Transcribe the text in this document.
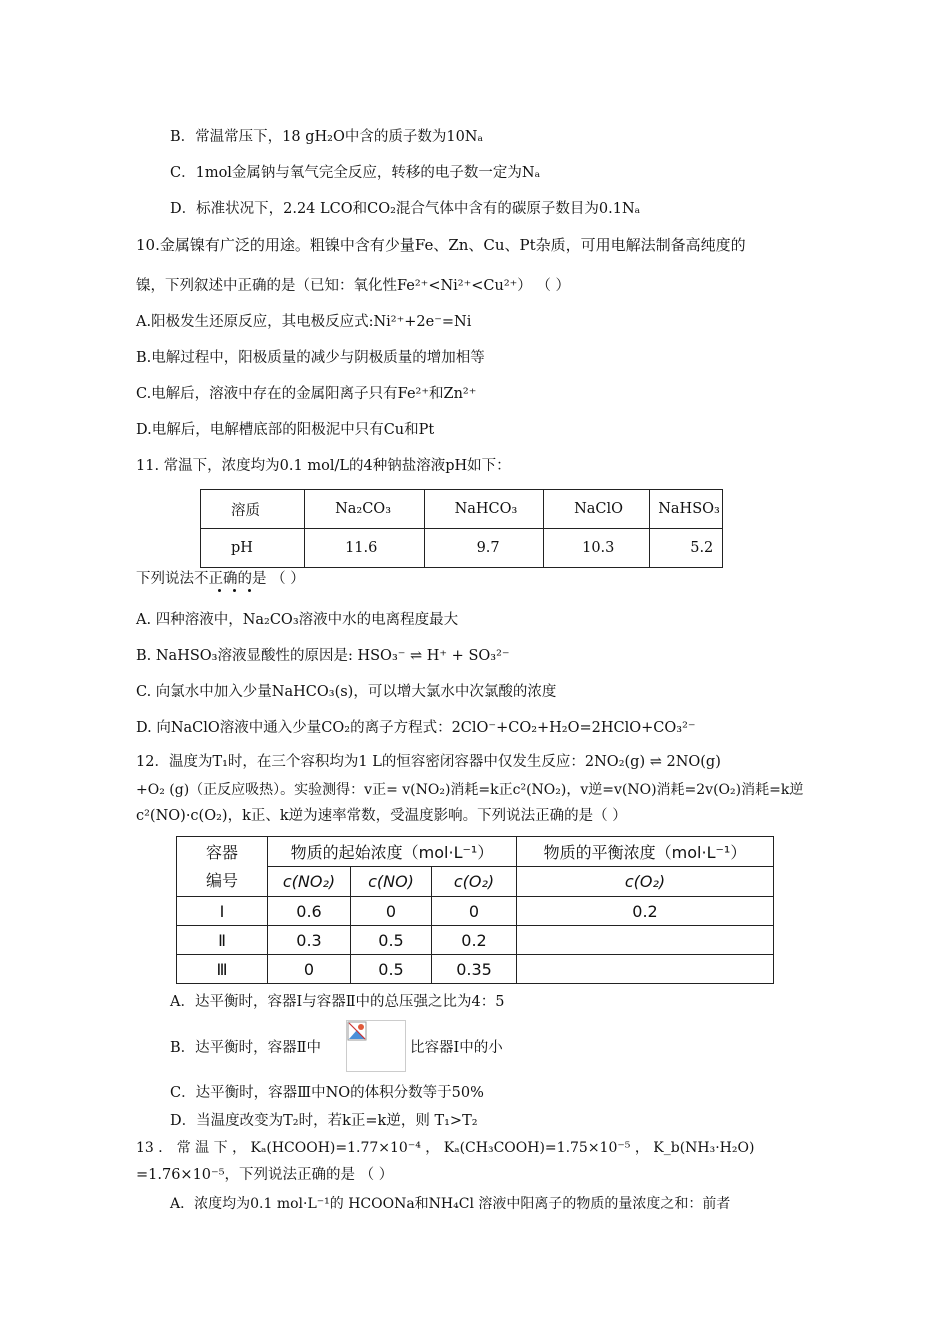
B．常温常压下，18 gH₂O中含的质子数为10Nₐ
C．1mol金属钠与氧气完全反应，转移的电子数一定为Nₐ
D．标准状况下，2.24 LCO和CO₂混合气体中含有的碳原子数目为0.1Nₐ
10.金属镍有广泛的用途。粗镍中含有少量Fe、Zn、Cu、Pt杂质，可用电解法制备高纯度的
镍，下列叙述中正确的是（已知：氧化性Fe²⁺<Ni²⁺<Cu²⁺） （ ）
A.阳极发生还原反应，其电极反应式:Ni²⁺+2e⁻=Ni
B.电解过程中，阳极质量的减少与阴极质量的增加相等
C.电解后，溶液中存在的金属阳离子只有Fe²⁺和Zn²⁺
D.电解后，电解槽底部的阳极泥中只有Cu和Pt
11. 常温下，浓度均为0.1 mol/L的4种钠盐溶液pH如下：
溶质	Na₂CO₃	NaHCO₃	NaClO	NaHSO₃
pH	11.6	9.7	10.3	5.2
下列说法不正确的是 （ ）
A. 四种溶液中，Na₂CO₃溶液中水的电离程度最大
B. NaHSO₃溶液显酸性的原因是: HSO₃⁻ ⇌ H⁺ + SO₃²⁻
C. 向氯水中加入少量NaHCO₃(s)，可以增大氯水中次氯酸的浓度
D. 向NaClO溶液中通入少量CO₂的离子方程式：2ClO⁻+CO₂+H₂O=2HClO+CO₃²⁻
12．温度为T₁时，在三个容积均为1 L的恒容密闭容器中仅发生反应：2NO₂(g) ⇌ 2NO(g)
+O₂ (g)（正反应吸热）。实验测得：v正= v(NO₂)消耗=k正c²(NO₂)，v逆=v(NO)消耗=2v(O₂)消耗=k逆
c²(NO)·c(O₂)，k正、k逆为速率常数，受温度影响。下列说法正确的是（ ）
容器
编号	物质的起始浓度（mol·L⁻¹）			物质的平衡浓度（mol·L⁻¹）
	c(NO₂)	c(NO)	c(O₂)	c(O₂)
Ⅰ	0.6	0	0	0.2
Ⅱ	0.3	0.5	0.2	
Ⅲ	0	0.5	0.35	
A．达平衡时，容器Ⅰ与容器Ⅱ中的总压强之比为4：5
B．达平衡时，容器Ⅱ中	比容器Ⅰ中的小
C．达平衡时，容器Ⅲ中NO的体积分数等于50%
D．当温度改变为T₂时，若k正=k逆，则 T₁>T₂
13 ． 常 温 下 ， Kₐ(HCOOH)=1.77×10⁻⁴ ， Kₐ(CH₃COOH)=1.75×10⁻⁵ ， K_b(NH₃·H₂O)
=1.76×10⁻⁵，下列说法正确的是 （ ）
A．浓度均为0.1 mol·L⁻¹的 HCOONa和NH₄Cl 溶液中阳离子的物质的量浓度之和：前者
